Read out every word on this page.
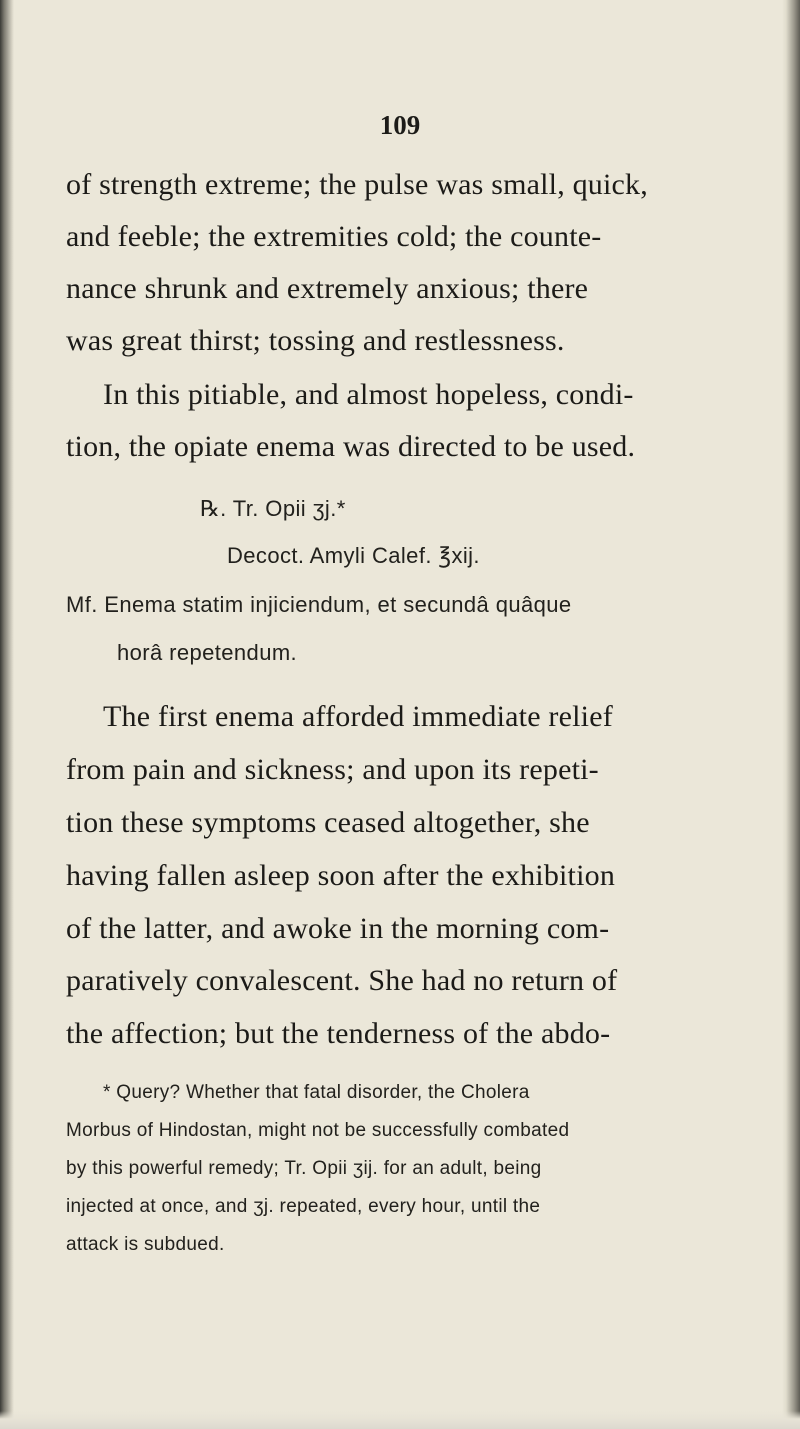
109

of strength extreme; the pulse was small, quick,

and feeble; the extremities cold; the counte-

nance shrunk and extremely anxious; there

was great thirst; tossing and restlessness.

In this pitiable, and almost hopeless, condi-

tion, the opiate enema was directed to be used.

℞. Tr. Opii ʒj.*

Decoct. Amyli Calef. ℥xij.

Mf. Enema statim injiciendum, et secundâ quâque

horâ repetendum.

The first enema afforded immediate relief

from pain and sickness; and upon its repeti-

tion these symptoms ceased altogether, she

having fallen asleep soon after the exhibition

of the latter, and awoke in the morning com-

paratively convalescent. She had no return of

the affection; but the tenderness of the abdo-

* Query? Whether that fatal disorder, the Cholera

Morbus of Hindostan, might not be successfully combated

by this powerful remedy; Tr. Opii ʒij. for an adult, being

injected at once, and ʒj. repeated, every hour, until the

attack is subdued.
